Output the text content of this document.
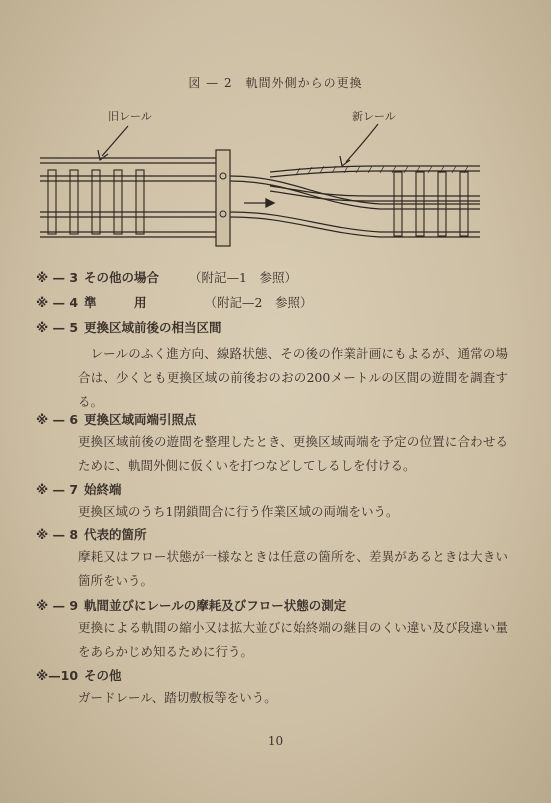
図 — 2　軌間外側からの更換
旧レール	新レール
※ — 3 その他の場合 （附記—1　参照）
※ — 4 準　　　用	（附記—2　参照）
※ — 5 更換区域前後の相当区間
レールのふく進方向、線路状態、その後の作業計画にもよるが、通常の場合は、少くとも更換区域の前後おのおの200メートルの区間の遊間を調査する。
※ — 6 更換区域両端引照点
更換区域前後の遊間を整理したとき、更換区域両端を予定の位置に合わせるために、軌間外側に仮くいを打つなどしてしるしを付ける。
※ — 7 始終端
更換区域のうち1閉鎖間合に行う作業区域の両端をいう。
※ — 8 代表的箇所
摩耗又はフロー状態が一様なときは任意の箇所を、差異があるときは大きい箇所をいう。
※ — 9 軌間並びにレールの摩耗及びフロー状態の測定
更換による軌間の縮小又は拡大並びに始終端の継目のくい違い及び段違い量をあらかじめ知るために行う。
※—10 その他
ガードレール、踏切敷板等をいう。
10
